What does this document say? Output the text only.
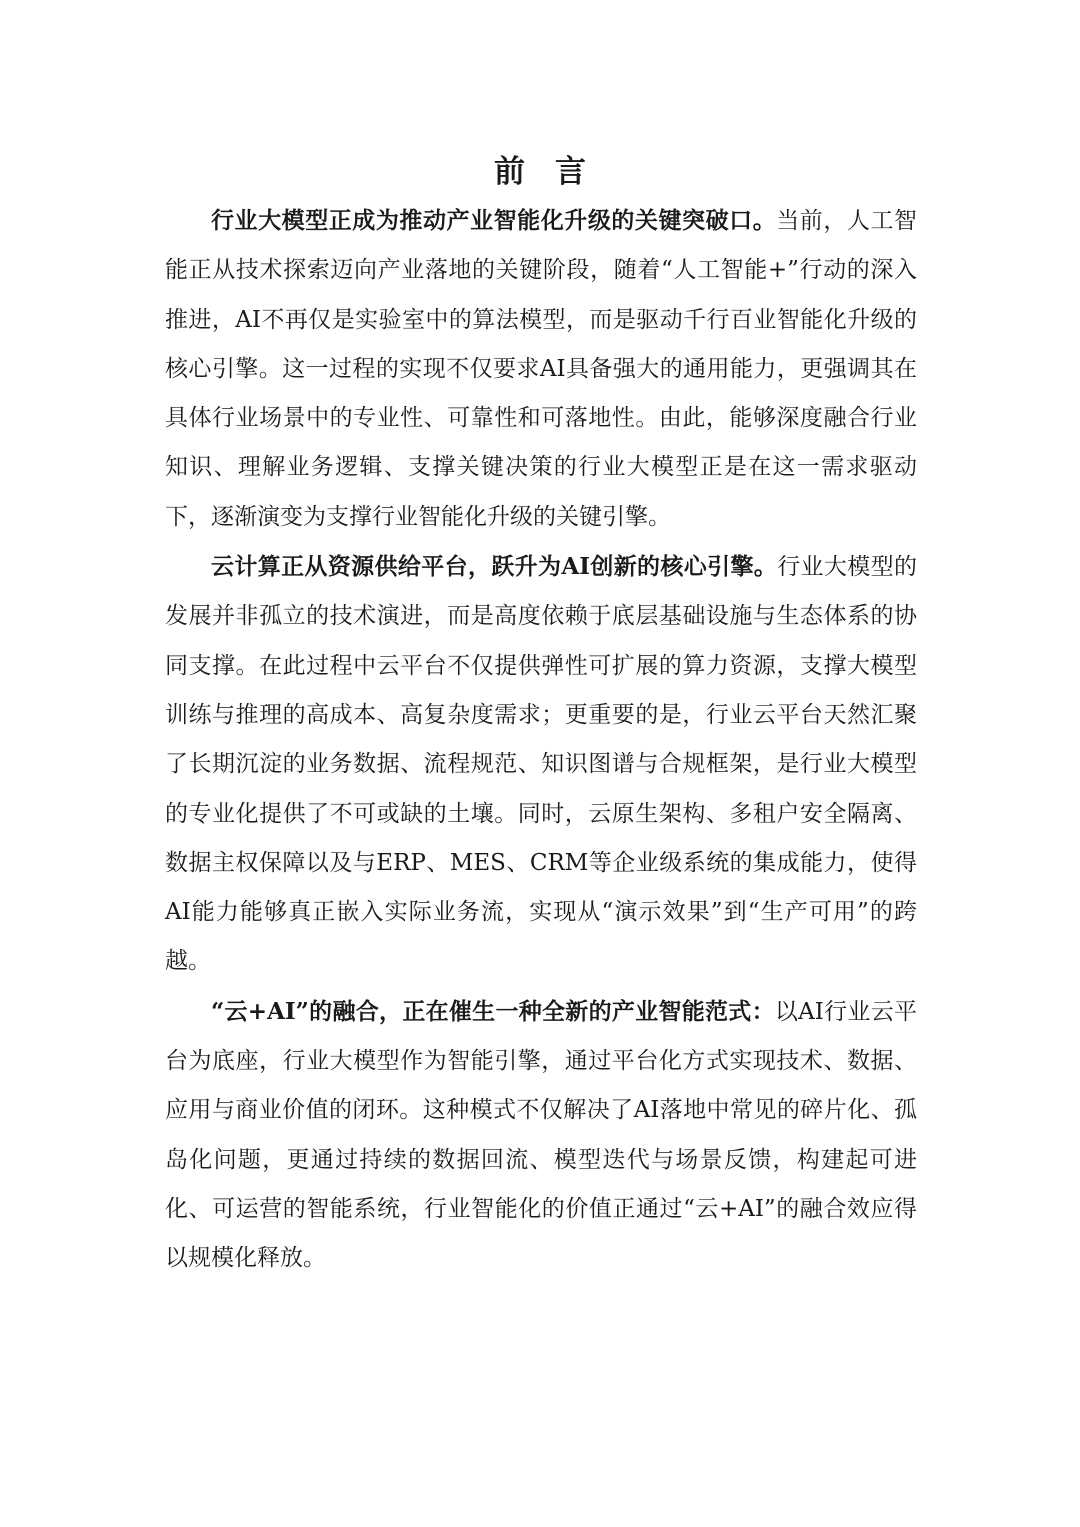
前言

行业大模型正成为推动产业智能化升级的关键突破口。当前，人工智能正从技术探索迈向产业落地的关键阶段，随着“人工智能+”行动的深入推进，AI不再仅是实验室中的算法模型，而是驱动千行百业智能化升级的核心引擎。这一过程的实现不仅要求AI具备强大的通用能力，更强调其在具体行业场景中的专业性、可靠性和可落地性。由此，能够深度融合行业知识、理解业务逻辑、支撑关键决策的行业大模型正是在这一需求驱动下，逐渐演变为支撑行业智能化升级的关键引擎。

云计算正从资源供给平台，跃升为AI创新的核心引擎。行业大模型的发展并非孤立的技术演进，而是高度依赖于底层基础设施与生态体系的协同支撑。在此过程中云平台不仅提供弹性可扩展的算力资源，支撑大模型训练与推理的高成本、高复杂度需求；更重要的是，行业云平台天然汇聚了长期沉淀的业务数据、流程规范、知识图谱与合规框架，是行业大模型的专业化提供了不可或缺的土壤。同时，云原生架构、多租户安全隔离、数据主权保障以及与ERP、MES、CRM等企业级系统的集成能力，使得AI能力能够真正嵌入实际业务流，实现从“演示效果”到“生产可用”的跨越。

“云+AI”的融合，正在催生一种全新的产业智能范式：以AI行业云平台为底座，行业大模型作为智能引擎，通过平台化方式实现技术、数据、应用与商业价值的闭环。这种模式不仅解决了AI落地中常见的碎片化、孤岛化问题，更通过持续的数据回流、模型迭代与场景反馈，构建起可进化、可运营的智能系统，行业智能化的价值正通过“云+AI”的融合效应得以规模化释放。
